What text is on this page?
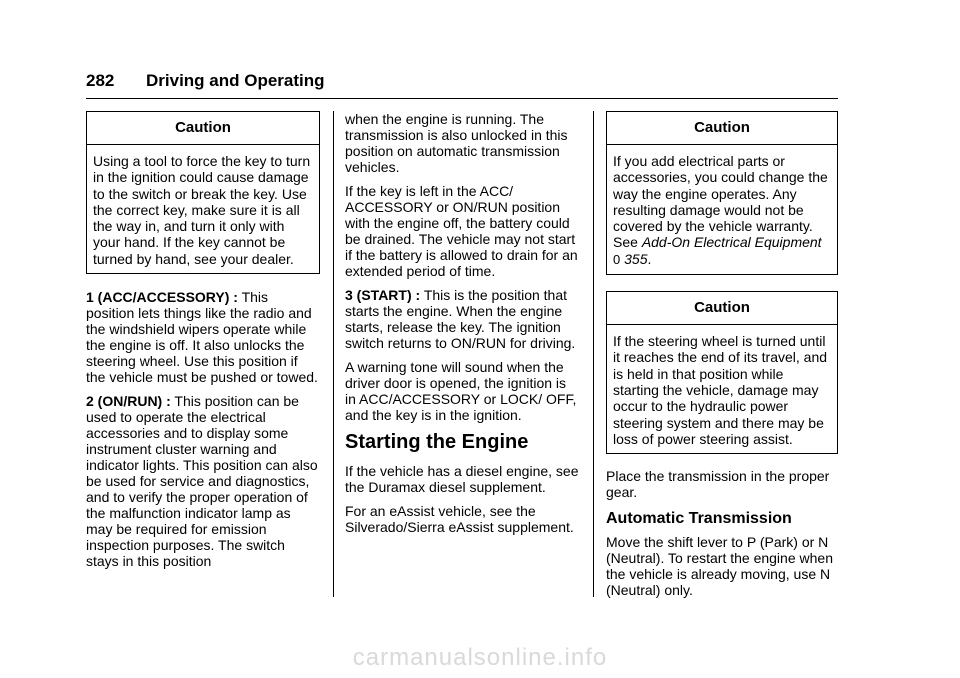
282 Driving and Operating
Caution
Using a tool to force the key to turn in the ignition could cause damage to the switch or break the key. Use the correct key, make sure it is all the way in, and turn it only with your hand. If the key cannot be turned by hand, see your dealer.

1 (ACC/ACCESSORY) : This position lets things like the radio and the windshield wipers operate while the engine is off. It also unlocks the steering wheel. Use this position if the vehicle must be pushed or towed.

2 (ON/RUN) : This position can be used to operate the electrical accessories and to display some instrument cluster warning and indicator lights. This position can also be used for service and diagnostics, and to verify the proper operation of the malfunction indicator lamp as may be required for emission inspection purposes. The switch stays in this position

when the engine is running. The transmission is also unlocked in this position on automatic transmission vehicles.

If the key is left in the ACC/ ACCESSORY or ON/RUN position with the engine off, the battery could be drained. The vehicle may not start if the battery is allowed to drain for an extended period of time.

3 (START) : This is the position that starts the engine. When the engine starts, release the key. The ignition switch returns to ON/RUN for driving.

A warning tone will sound when the driver door is opened, the ignition is in ACC/ACCESSORY or LOCK/ OFF, and the key is in the ignition.

Starting the Engine

If the vehicle has a diesel engine, see the Duramax diesel supplement.

For an eAssist vehicle, see the Silverado/Sierra eAssist supplement.

Caution
If you add electrical parts or accessories, you could change the way the engine operates. Any resulting damage would not be covered by the vehicle warranty. See Add-On Electrical Equipment 0 355.
Caution
If the steering wheel is turned until it reaches the end of its travel, and is held in that position while starting the vehicle, damage may occur to the hydraulic power steering system and there may be loss of power steering assist.

Place the transmission in the proper gear.

Automatic Transmission

Move the shift lever to P (Park) or N (Neutral). To restart the engine when the vehicle is already moving, use N (Neutral) only.

carmanualsonline.info
